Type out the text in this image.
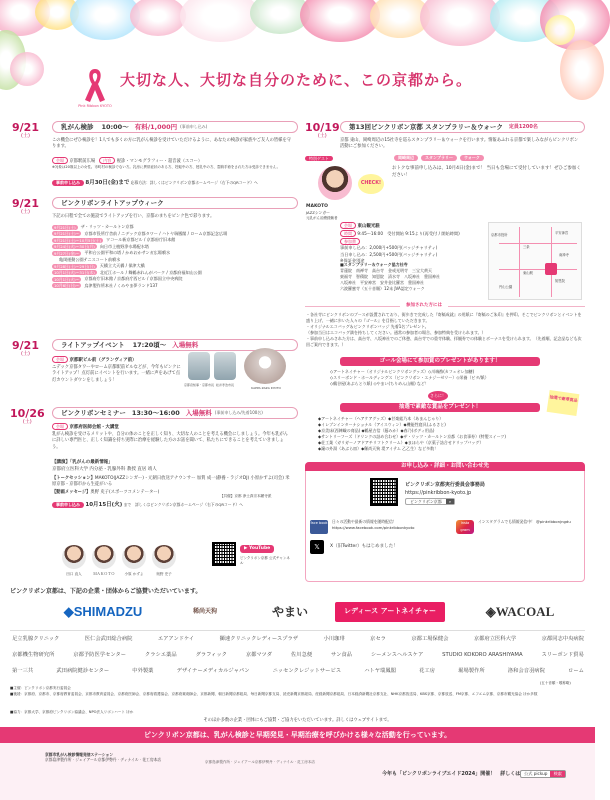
Pink Ribbon KYOTO
大切な人、大切な自分のために、この京都から。
9/21
(土)
乳がん検診 10:00〜 有料/1,000円 (事前申し込み)
この機会にぜひ検診を！1人でも多くの方に乳がん検診を受けていただけるように、あなたの検診が家族やご友人の皆様を守ります。
会場 京都駅前広場 内容 視診・マンモグラフィー・超音波（エコー）
※対象は20歳以上の女性。市町村の検診でない方。乳房に異常症状のある方、妊娠中の方、授乳中の方、豊胸手術をされた方は受診できません。
事前申し込み 8月30日(金)まで 応募方法：詳しくはピンクリボン京都ホームページ（右下のQRコード）へ
9/21
(土)
ピンクリボンライトアップウィーク
下記の日程で全ての施設でライトアップを行い、京都のまちをピンク色で彩ります。
9月21日(土)	ザ・リッツ・カールトン京都
9月21日(土)〜	京都市役所庁舎前 / ニデック京都タワー / ハトヤ瑞鳳閣 / ローム京都記念広場
9月21日(土)〜10月5日(土)	ワコール新京都ビル / 京都府庁旧本館
9月24日(火)〜30日(月)	向日市上植野浄水場配水塔
9月27日(金)〜	平和台公園平和の塔 / かめおかサンガ広場噴水
亀岡運動公園テニスコート前噴水
9月28日(土)〜29日(日)	天橋立大天橋 / 保津大橋
10月1日(火)〜31日(木)	北近江ホール / 舞鶴赤れんがパーク / 京都府福知山公園
10月1日(火)〜	京都府庁旧本館 / 京都府庁西ビル / 京都国立中央病院
10月6日(日)〜	烏津製作所本社 / くみやま夢ランド137
9/21
(土)
ライトアップイベント 17:20頃〜 入場無料
会場 京都駅ビル前（グランヴィア前）
ニデック京都タワーやローム京都駅前ビルなどが、今年もピンクにライトアップ！点灯前にイベントを行います。一緒に声をあげて点灯カウントダウンをしましょう！
京都府知事・京都市長 松井孝治市長
KAPPA ZAZA KYOTO
10/26
(土)
ピンクリボンセミナー 13:30〜16:00 入場無料 (事前申し込み/先着100名)
会場 京都府医師会館・大講堂
乳がん検診を受けるメリットや、自分の体のことを正しく知り、大切な人のことを考える機会にしましょう。今年も乳がんに詳しい専門医と、正しく知識を持ち実際に治療を経験した方のお話を聞いて、私たちにできることを考えていきましょう。
【講演】「乳がんの最新情報」
京都府立医科大学 内分泌・乳腺外科 教授 直居 靖人
【トークセッション】MAKOTO(JAZZシンガー)・元朝日放送アナウンサー 加賀 成一(静養・ラジオDJ) 小原かずよ(司会) 米原京都・京都市から生徒がいる
【動画メッセージ】奥野 史子(スポーツコメンテーター)
【共催】京都 浄土真宗本願寺派
事前申し込み 10月15日(火) まで　詳しくはピンクリボン京都ホームページ（右下のQRコード）へ
田口 直人	ＭＡＫＯＴＯ	小原 かずよ	奥野 史子
▶ YouTube
ピンクリボン京都 公式チャンネル
10/19
(土)
第13回ピンクリボン京都 スタンプラリー＆ウォーク 定員1200名
京都 東山、岡崎周辺の15社寺を巡るスタンプラリー＆ウォークを行います。情報あふれる京都で楽しみながらピンクリボン活動にご参加ください。
特別ゲスト
CHECK!
MAKOTO
JAZZシンガー
元乳がん治療経験者
岡崎周辺	スタンプラリー	ウォーク
おトクな事前申し込みは、10月4日(金)まで！ 当日も会場にて受付しています！ぜひご参加ください！
会場 東山観光駐
時間 9:45〜16:00　受付開始 9:15より(再受付 / 開始時間)
参加費
事前申し込み：2,000円+500円(バッジチャリティ)
当日申し込み：2,500円+500円(バッジチャリティ)
※保証金別途
■スタンプラリー＆ウォーク協力社寺
青蓮院　南禅寺　高台寺　金戒光明寺　三宝大黄天
東福寺　智積院　知恩院　清水寺　八坂神社　豊国神社
八坂神社　平安神宮　安井金比羅宮　豊国神社
六波羅蜜寺（五十音順）12末 JVA認定ウォーク
京都市役所
三条
平安神宮
南禅寺
東山駅
知恩院
円山公園
参加された方には
・各社寺にピンクリボンのブースが設置されており、街歩きで完成した『寄稿成就』の用紙に『寄稿のご朱印』を押印。そこでピンクリボンとイベントを盛り上げ、一緒に歩いた人々の『ゴール』を目指していただきます。
・オリジナルエコバッグ＆ピンクリボンバッジ 先着1名プレゼント。
（参加当日はエコバッグ満を持ちしてください。通常の参加者の場合、参加特典を受けられます。）
・事前申し込みされた方は、高台寺、八坂神社でのご休憩、高台寺での重寺体験、拝観券での体験とボーナスを受けられます。（先着順、記念品なども次回ご案内できます。）
ゴール会場にて参加賞のプレゼントがあります！
◇アートネイチャー（オリジナルピンクリボングッズ）◇川端酢(カフェオレ加糖)
◇スリーボンド・ホールディングス（ピンクリボン・エナジーゼリー）◇栄養（ビタ/紙）
◇鶴谷屋(あぶらとり紙) ◇やまい(ちりめん山椒) など！
さらに！
抽選で素敵な賞品をプレゼント！
抽選で豪華賞品
◆アートネイチャー（ヘアケアグッズ）◆甘楽総乃本（あまんじゃり）
◆イレブンインターナショナル（アイスウィン）◆機能性寝具(ふるさと)
◆京美床(西陣織の商品) ◆鶴屋吉信（藤みか）◆春乃(ボディ用品)
◆サントリーフーズ（ドリンクの詰め合わせ）◆ザ・リッツ・カールトン京都（お食事券）(特製スイーツ)
◆荘工業（ガリガーノアドアチリフトクリーム）◆まほらや（京菓子詰合せドリップバッグ）
◆鐘の外湯（あぶら皿）◆稀尚天狗 堤アイテム 乙乙生）など多数！
お申し込み・詳細・お問い合わせ先
ピンクリボン京都実行委員会事務局
https://pinkribbon-kyoto.jp
ピンクリボン京都	⌕
face book 日々の活動や最新の情報を随時配信！ https://www.facebook.com/pinkribbonkyoto
Insta gram
インスタグラムでも情報発信中！ @pinkribbonjngdu
𝕏	X（旧Twitter）もはじめました！
ピンクリボン京都は、下記の企業・団体からご協賛いただいています。
◆ SHIMADZU	稀尚天狗	やまい	レディース アートネイチャー	◈ WACOAL
足立乳腺クリニック	医仁会武田総合病院	エアアンドケイ	獅速クリニックレディースプラザ	小川珈琲	京セラ	京都工場保健会	京都府立医科大学	京都同志中央病院
京都機生物研究所	京都予防医学センター	クラシエ薬品	グラフィック	京都マツダ	佐川急便	サン食品	シーメンスヘルスケア	STUDIO KOKORO ARASHIYAMA	スリーボンド貿易
第一三共	武田病院健診センター	中外製薬	デザイナーメディカルジャパン	ニッセンクレジットサービス	ハトヤ瑞鳳閣	花工房	堀場製作所	洛和会音羽病院	ローム
(五十音順・敬称略)
■主催：ピンクリボン京都実行委員会
■後援：京都府、京都市、京都府教育委員会、京都市教育委員会、京都府医師会、京都府看護協会、京都府薬剤師会、京都新聞、朝日新聞京都総局、毎日新聞京都支局、読売新聞京都総局、産経新聞京都総局、日本経済新聞社京都支社、NHK京都放送局、KBS京都、京都放送、FM京都、エフエム京都、京都市観光協会 ほか多数
■協力：京都大学、京都府ピンクリボン協議会、NPO法人リボンハート ほか
そのほか多数の企業・団体にもご協賛・ご協力をいただいています。詳しくはウェブサイトまで。
ピンクリボン京都は、乳がん検診と早期発見・早期治療を呼びかける様々な活動を行っています。
京都市乳がん検診情報発信ステーション
京都島津製作所 · ジェイアール京都伊勢丹 · ディナイル · 花工房本店	京都島津製作所 · ジェイアール京都伊勢丹 · ディナイル · 花工房本店
今年も「ピンクリボンライブエイド2024」開催！　詳しくは 公式 pickup	検索
